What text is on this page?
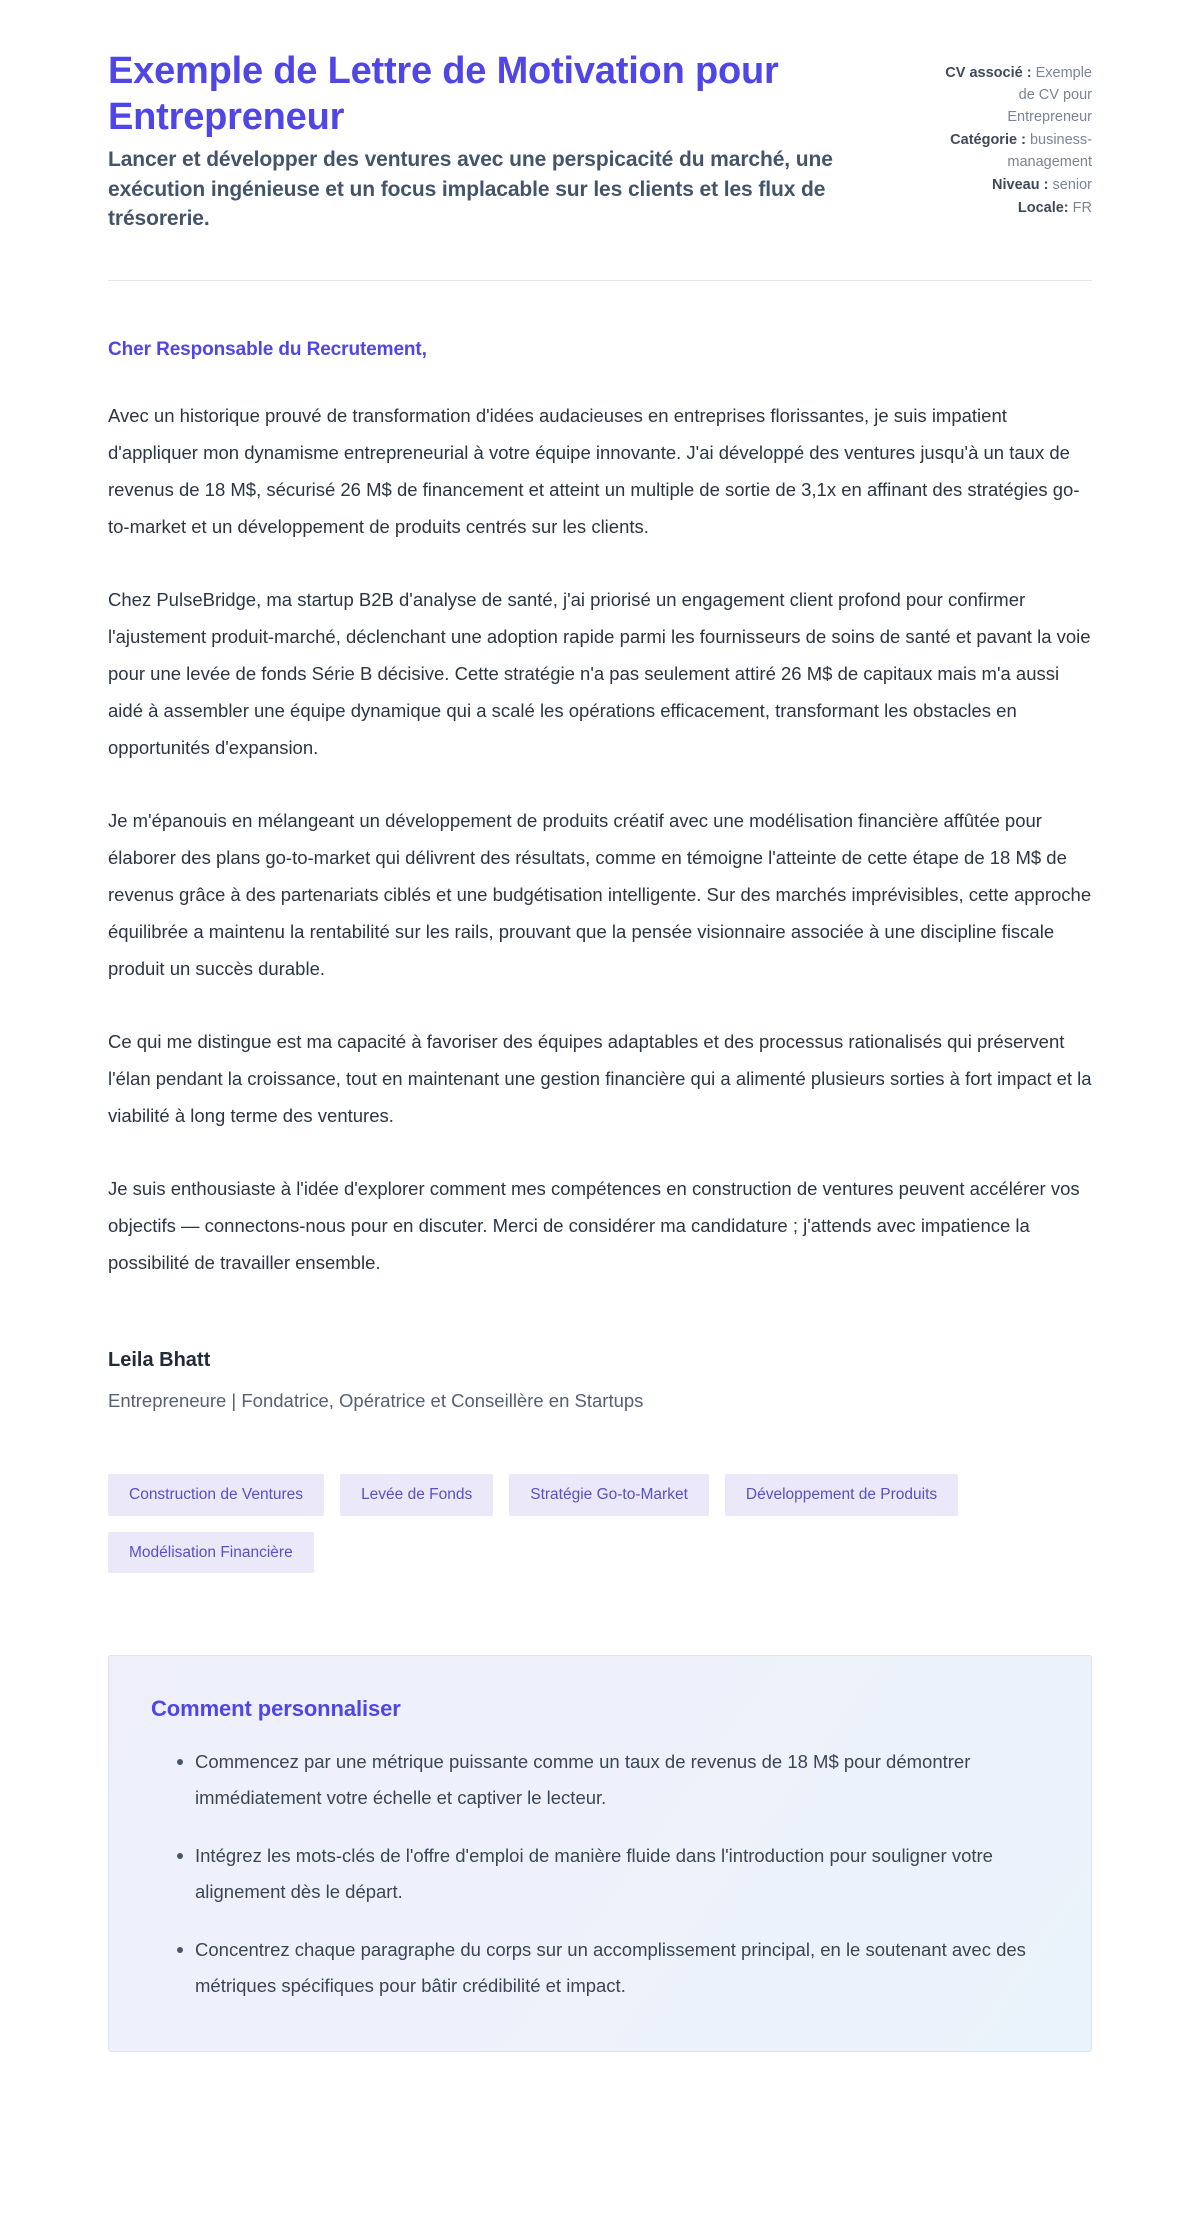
Exemple de Lettre de Motivation pour Entrepreneur

Lancer et développer des ventures avec une perspicacité du marché, une exécution ingénieuse et un focus implacable sur les clients et les flux de trésorerie.

CV associé : Exemple de CV pour Entrepreneur
Catégorie : business-management
Niveau : senior
Locale: FR

Cher Responsable du Recrutement,

Avec un historique prouvé de transformation d'idées audacieuses en entreprises florissantes, je suis impatient d'appliquer mon dynamisme entrepreneurial à votre équipe innovante. J'ai développé des ventures jusqu'à un taux de revenus de 18 M$, sécurisé 26 M$ de financement et atteint un multiple de sortie de 3,1x en affinant des stratégies go-to-market et un développement de produits centrés sur les clients.

Chez PulseBridge, ma startup B2B d'analyse de santé, j'ai priorisé un engagement client profond pour confirmer l'ajustement produit-marché, déclenchant une adoption rapide parmi les fournisseurs de soins de santé et pavant la voie pour une levée de fonds Série B décisive. Cette stratégie n'a pas seulement attiré 26 M$ de capitaux mais m'a aussi aidé à assembler une équipe dynamique qui a scalé les opérations efficacement, transformant les obstacles en opportunités d'expansion.

Je m'épanouis en mélangeant un développement de produits créatif avec une modélisation financière affûtée pour élaborer des plans go-to-market qui délivrent des résultats, comme en témoigne l'atteinte de cette étape de 18 M$ de revenus grâce à des partenariats ciblés et une budgétisation intelligente. Sur des marchés imprévisibles, cette approche équilibrée a maintenu la rentabilité sur les rails, prouvant que la pensée visionnaire associée à une discipline fiscale produit un succès durable.

Ce qui me distingue est ma capacité à favoriser des équipes adaptables et des processus rationalisés qui préservent l'élan pendant la croissance, tout en maintenant une gestion financière qui a alimenté plusieurs sorties à fort impact et la viabilité à long terme des ventures.

Je suis enthousiaste à l'idée d'explorer comment mes compétences en construction de ventures peuvent accélérer vos objectifs — connectons-nous pour en discuter. Merci de considérer ma candidature ; j'attends avec impatience la possibilité de travailler ensemble.

Leila Bhatt
Entrepreneure | Fondatrice, Opératrice et Conseillère en Startups
Construction de Ventures	Levée de Fonds	Stratégie Go-to-Market	Développement de Produits
Modélisation Financière
Comment personnaliser
Commencez par une métrique puissante comme un taux de revenus de 18 M$ pour démontrer immédiatement votre échelle et captiver le lecteur.
Intégrez les mots-clés de l'offre d'emploi de manière fluide dans l'introduction pour souligner votre alignement dès le départ.
Concentrez chaque paragraphe du corps sur un accomplissement principal, en le soutenant avec des métriques spécifiques pour bâtir crédibilité et impact.
